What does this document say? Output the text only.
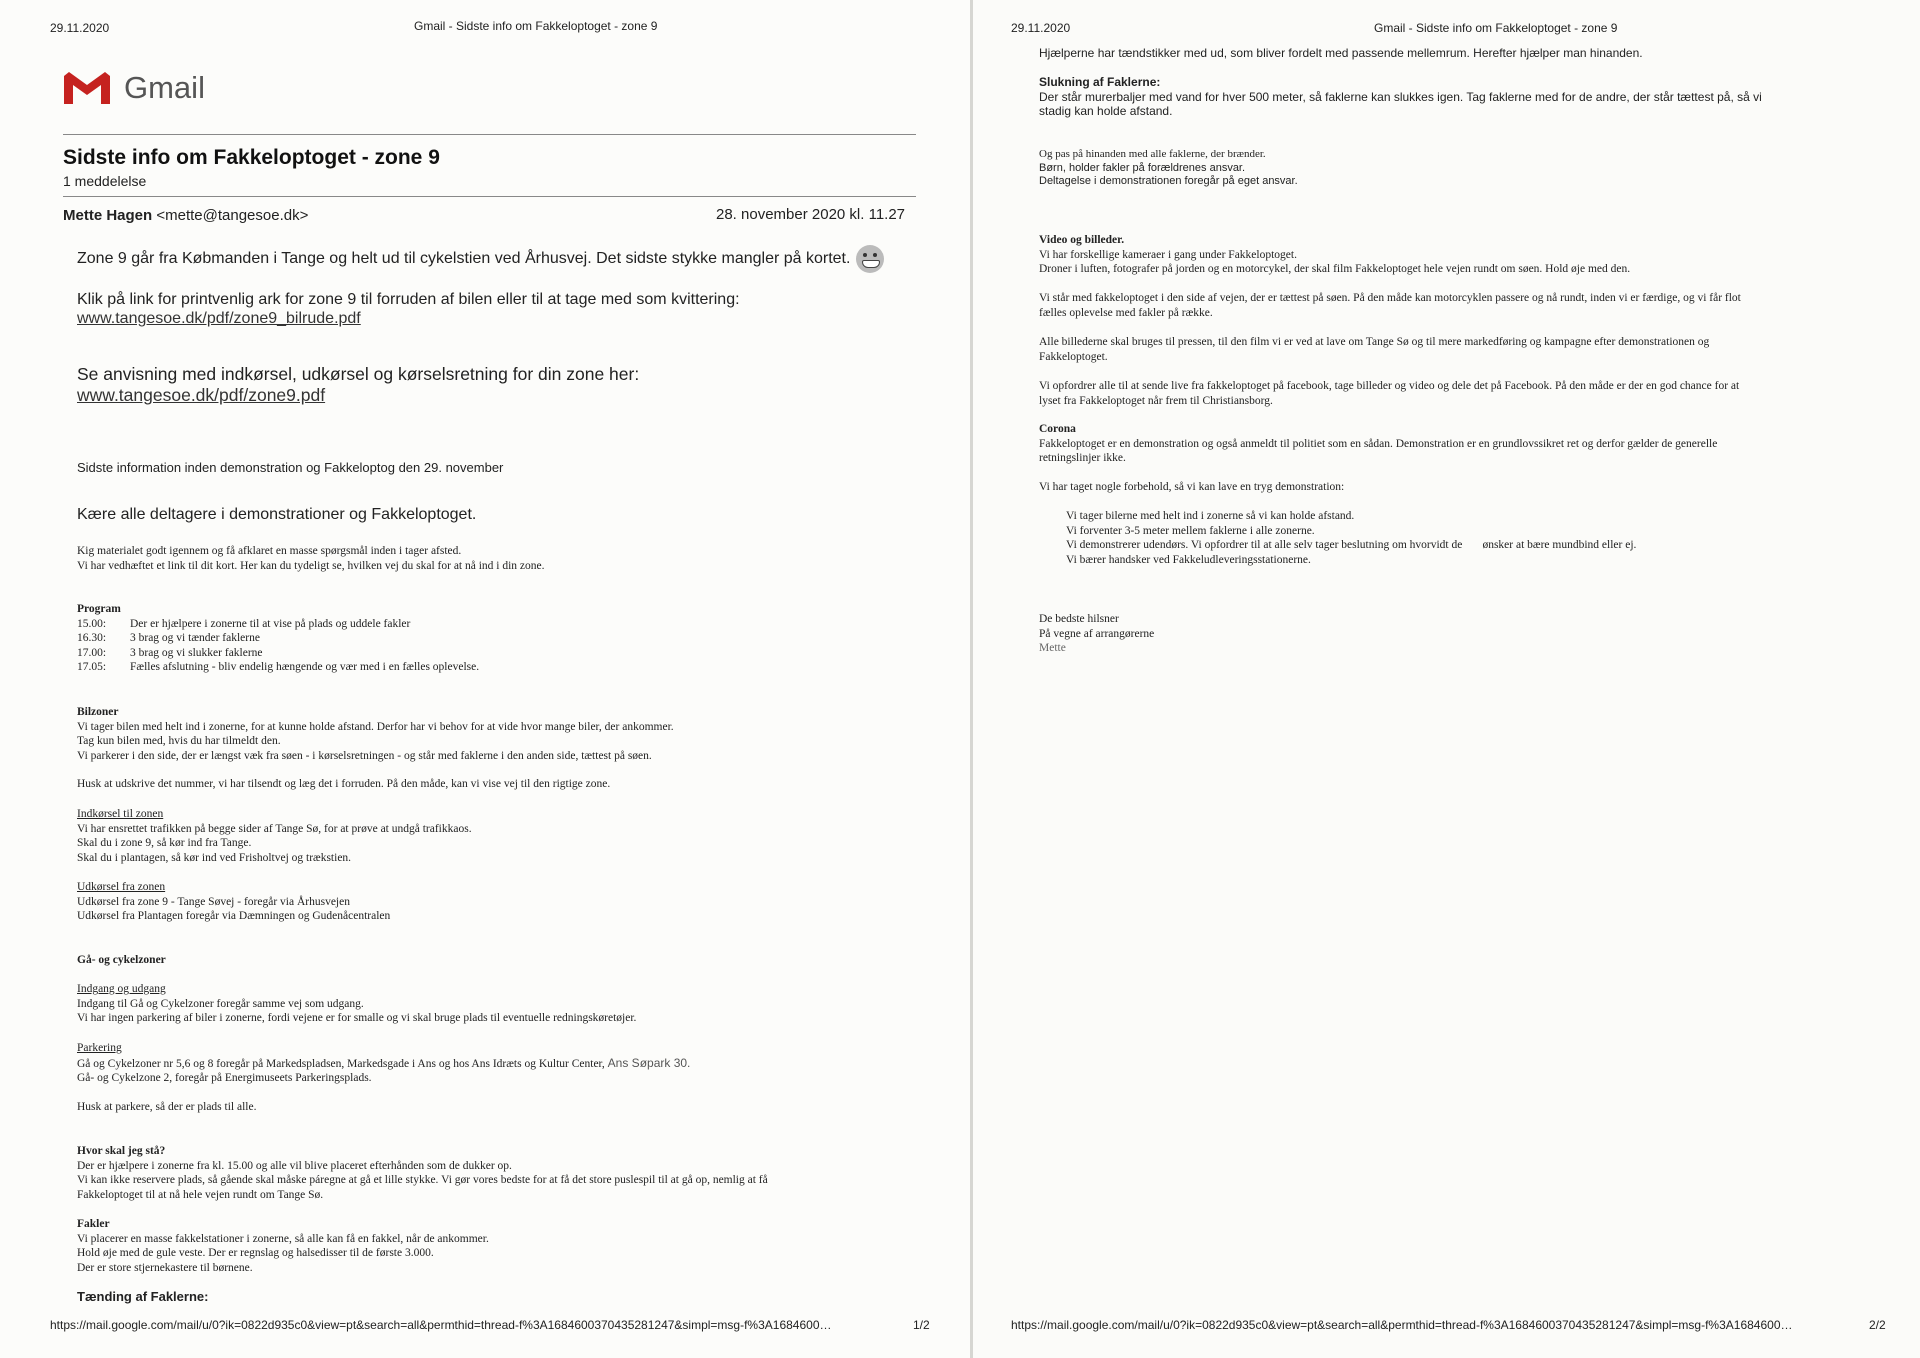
29.11.2020	Gmail - Sidste info om Fakkeloptoget - zone 9
Gmail
Sidste info om Fakkeloptoget - zone 9
1 meddelelse
Mette Hagen <mette@tangesoe.dk>	28. november 2020 kl. 11.27
Zone 9 går fra Købmanden i Tange og helt ud til cykelstien ved Århusvej. Det sidste stykke mangler på kortet.
Klik på link for printvenlig ark for zone 9 til forruden af bilen eller til at tage med som kvittering:
www.tangesoe.dk/pdf/zone9_bilrude.pdf
Se anvisning med indkørsel, udkørsel og kørselsretning for din zone her:
www.tangesoe.dk/pdf/zone9.pdf
Sidste information inden demonstration og Fakkeloptog den 29. november
Kære alle deltagere i demonstrationer og Fakkeloptoget.
Kig materialet godt igennem og få afklaret en masse spørgsmål inden i tager afsted.
Vi har vedhæftet et link til dit kort. Her kan du tydeligt se, hvilken vej du skal for at nå ind i din zone.
Program
15.00: Der er hjælpere i zonerne til at vise på plads og uddele fakler
16.30: 3 brag og vi tænder faklerne
17.00: 3 brag og vi slukker faklerne
17.05: Fælles afslutning - bliv endelig hængende og vær med i en fælles oplevelse.
Bilzoner
Vi tager bilen med helt ind i zonerne, for at kunne holde afstand. Derfor har vi behov for at vide hvor mange biler, der ankommer.
Tag kun bilen med, hvis du har tilmeldt den.
Vi parkerer i den side, der er længst væk fra søen - i kørselsretningen - og står med faklerne i den anden side, tættest på søen.
Husk at udskrive det nummer, vi har tilsendt og læg det i forruden. På den måde, kan vi vise vej til den rigtige zone.
Indkørsel til zonen
Vi har ensrettet trafikken på begge sider af Tange Sø, for at prøve at undgå trafikkaos.
Skal du i zone 9, så kør ind fra Tange.
Skal du i plantagen, så kør ind ved Frisholtvej og trækstien.
Udkørsel fra zonen
Udkørsel fra zone 9 - Tange Søvej - foregår via Århusvejen
Udkørsel fra Plantagen foregår via Dæmningen og Gudenåcentralen
Gå- og cykelzoner
Indgang og udgang
Indgang til Gå og Cykelzoner foregår samme vej som udgang.
Vi har ingen parkering af biler i zonerne, fordi vejene er for smalle og vi skal bruge plads til eventuelle redningskøretøjer.
Parkering
Gå og Cykelzoner nr 5,6 og 8 foregår på Markedspladsen, Markedsgade i Ans og hos Ans Idræts og Kultur Center, Ans Søpark 30.
Gå- og Cykelzone 2, foregår på Energimuseets Parkeringsplads.
Husk at parkere, så der er plads til alle.
Hvor skal jeg stå?
Der er hjælpere i zonerne fra kl. 15.00 og alle vil blive placeret efterhånden som de dukker op.
Vi kan ikke reservere plads, så gående skal måske páregne at gå et lille stykke. Vi gør vores bedste for at få det store puslespil til at gå op, nemlig at få
Fakkeloptoget til at nå hele vejen rundt om Tange Sø.
Fakler
Vi placerer en masse fakkelstationer i zonerne, så alle kan få en fakkel, når de ankommer.
Hold øje med de gule veste. Der er regnslag og halsedisser til de første 3.000.
Der er store stjernekastere til børnene.
Tænding af Faklerne:
https://mail.google.com/mail/u/0?ik=0822d935c0&view=pt&search=all&permthid=thread-f%3A1684600370435281247&simpl=msg-f%3A1684600…	1/2
29.11.2020	Gmail - Sidste info om Fakkeloptoget - zone 9
Hjælperne har tændstikker med ud, som bliver fordelt med passende mellemrum. Herefter hjælper man hinanden.
Slukning af Faklerne:
Der står murerbaljer med vand for hver 500 meter, så faklerne kan slukkes igen. Tag faklerne med for de andre, der står tættest på, så vi
stadig kan holde afstand.
Og pas på hinanden med alle faklerne, der brænder.
Børn, holder fakler på forældrenes ansvar.
Deltagelse i demonstrationen foregår på eget ansvar.
Video og billeder.
Vi har forskellige kameraer i gang under Fakkeloptoget.
Droner i luften, fotografer på jorden og en motorcykel, der skal film Fakkeloptoget hele vejen rundt om søen. Hold øje med den.
Vi står med fakkeloptoget i den side af vejen, der er tættest på søen. På den måde kan motorcyklen passere og nå rundt, inden vi er færdige, og vi får flot
fælles oplevelse med fakler på række.
Alle billederne skal bruges til pressen, til den film vi er ved at lave om Tange Sø og til mere markedføring og kampagne efter demonstrationen og
Fakkeloptoget.
Vi opfordrer alle til at sende live fra fakkeloptoget på facebook, tage billeder og video og dele det på Facebook. På den måde er der en god chance for at
lyset fra Fakkeloptoget når frem til Christiansborg.
Corona
Fakkeloptoget er en demonstration og også anmeldt til politiet som en sådan. Demonstration er en grundlovssikret ret og derfor gælder de generelle
retningslinjer ikke.
Vi har taget nogle forbehold, så vi kan lave en tryg demonstration:
Vi tager bilerne med helt ind i zonerne så vi kan holde afstand.
Vi forventer 3-5 meter mellem faklerne i alle zonerne.
Vi demonstrerer udendørs. Vi opfordrer til at alle selv tager beslutning om hvorvidt de       ønsker at bære mundbind eller ej.
Vi bærer handsker ved Fakkeludleveringsstationerne.
De bedste hilsner
På vegne af arrangørerne
Mette
https://mail.google.com/mail/u/0?ik=0822d935c0&view=pt&search=all&permthid=thread-f%3A1684600370435281247&simpl=msg-f%3A1684600…	2/2
